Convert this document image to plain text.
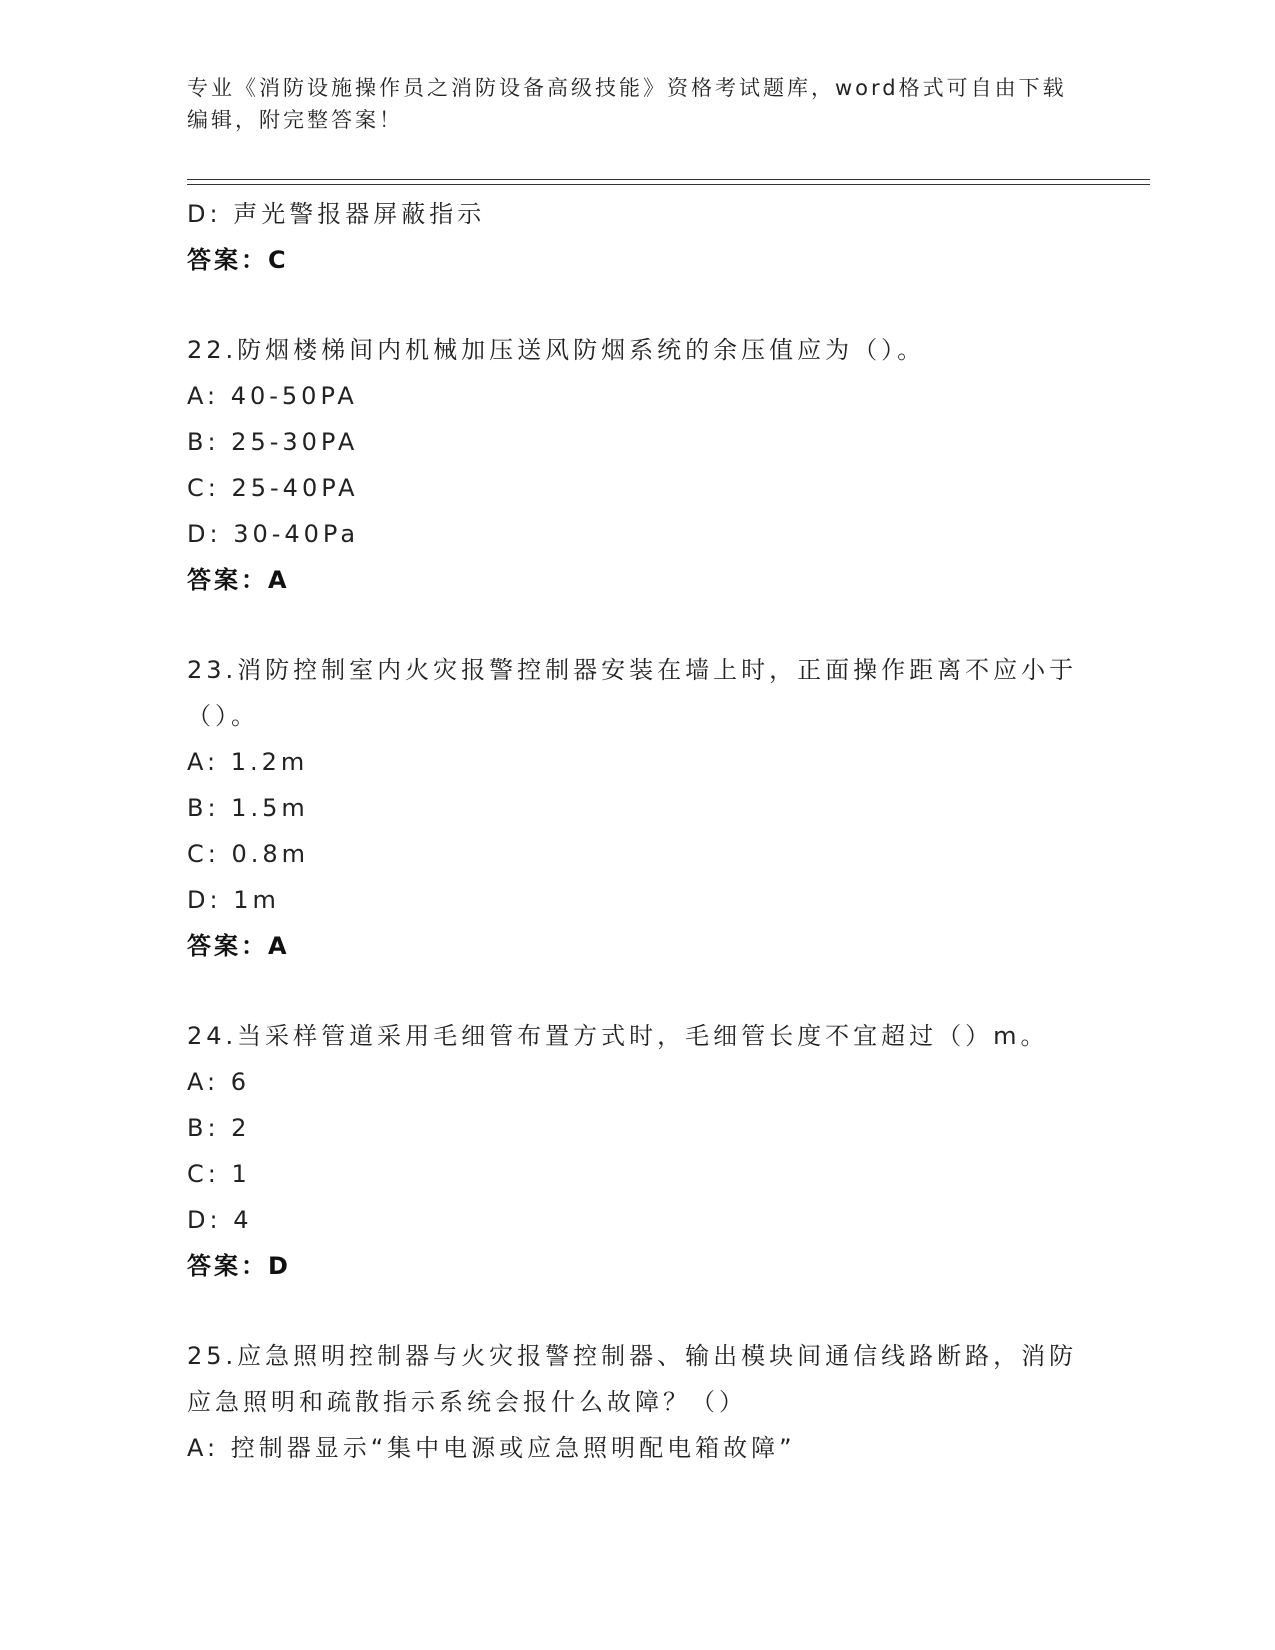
专业《消防设施操作员之消防设备高级技能》资格考试题库，word格式可自由下载编辑，附完整答案！
D: 声光警报器屏蔽指示
答案：C
22.防烟楼梯间内机械加压送风防烟系统的余压值应为（）。
A: 40-50PA
B: 25-30PA
C: 25-40PA
D: 30-40Pa
答案：A
23.消防控制室内火灾报警控制器安装在墙上时，正面操作距离不应小于（）。
A: 1.2m
B: 1.5m
C: 0.8m
D: 1m
答案：A
24.当采样管道采用毛细管布置方式时，毛细管长度不宜超过（）m。
A: 6
B: 2
C: 1
D: 4
答案：D
25.应急照明控制器与火灾报警控制器、输出模块间通信线路断路，消防应急照明和疏散指示系统会报什么故障？（）
A: 控制器显示“集中电源或应急照明配电箱故障”
